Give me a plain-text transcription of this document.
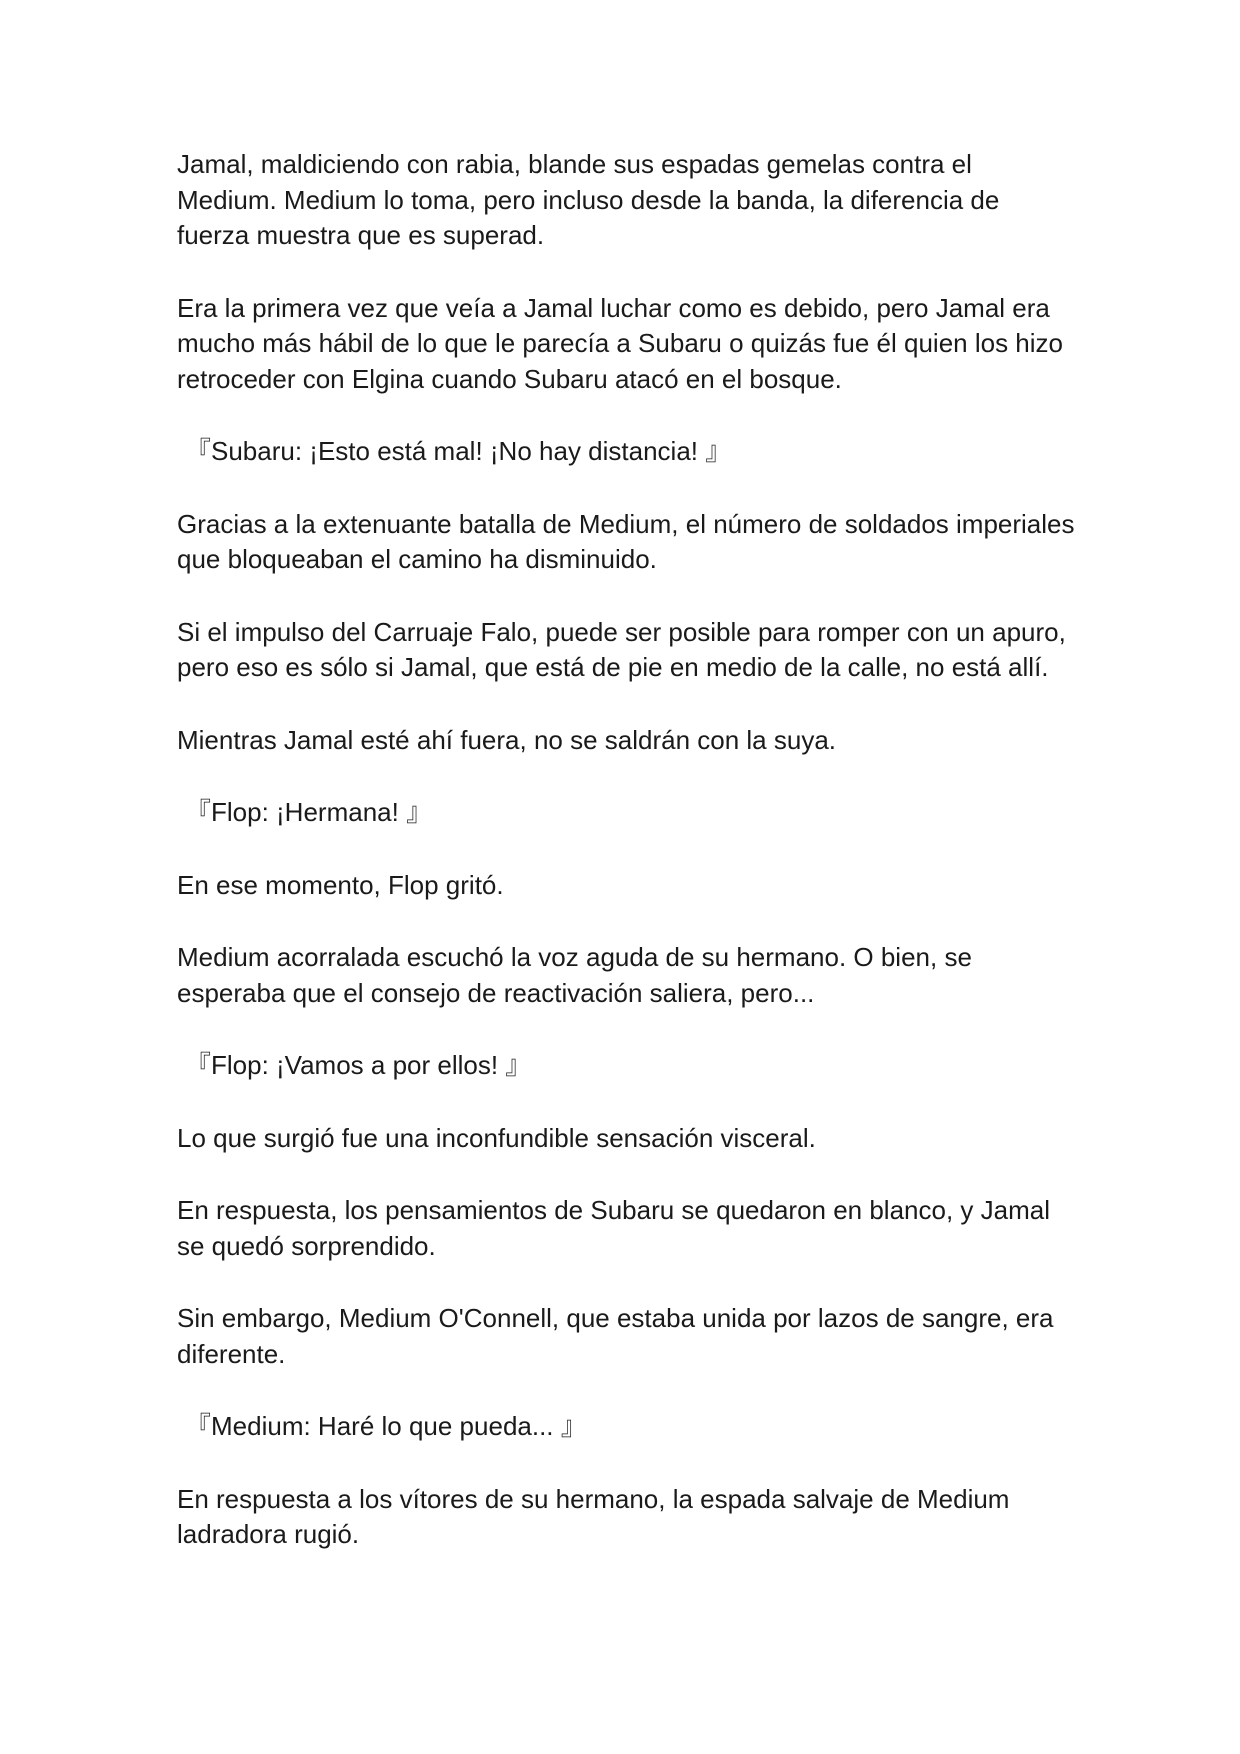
Jamal, maldiciendo con rabia, blande sus espadas gemelas contra el Medium. Medium lo toma, pero incluso desde la banda, la diferencia de fuerza muestra que es superad.

Era la primera vez que veía a Jamal luchar como es debido, pero Jamal era mucho más hábil de lo que le parecía a Subaru o quizás fue él quien los hizo retroceder con Elgina cuando Subaru atacó en el bosque.

『Subaru: ¡Esto está mal! ¡No hay distancia! 』

Gracias a la extenuante batalla de Medium, el número de soldados imperiales que bloqueaban el camino ha disminuido.

Si el impulso del Carruaje Falo, puede ser posible para romper con un apuro, pero eso es sólo si Jamal, que está de pie en medio de la calle, no está allí.

Mientras Jamal esté ahí fuera, no se saldrán con la suya.

『Flop: ¡Hermana! 』

En ese momento, Flop gritó.

Medium acorralada escuchó la voz aguda de su hermano. O bien, se esperaba que el consejo de reactivación saliera, pero...

『Flop: ¡Vamos a por ellos! 』

Lo que surgió fue una inconfundible sensación visceral.

En respuesta, los pensamientos de Subaru se quedaron en blanco, y Jamal se quedó sorprendido.

Sin embargo, Medium O'Connell, que estaba unida por lazos de sangre, era diferente.

『Medium: Haré lo que pueda... 』

En respuesta a los vítores de su hermano, la espada salvaje de Medium ladradora rugió.
